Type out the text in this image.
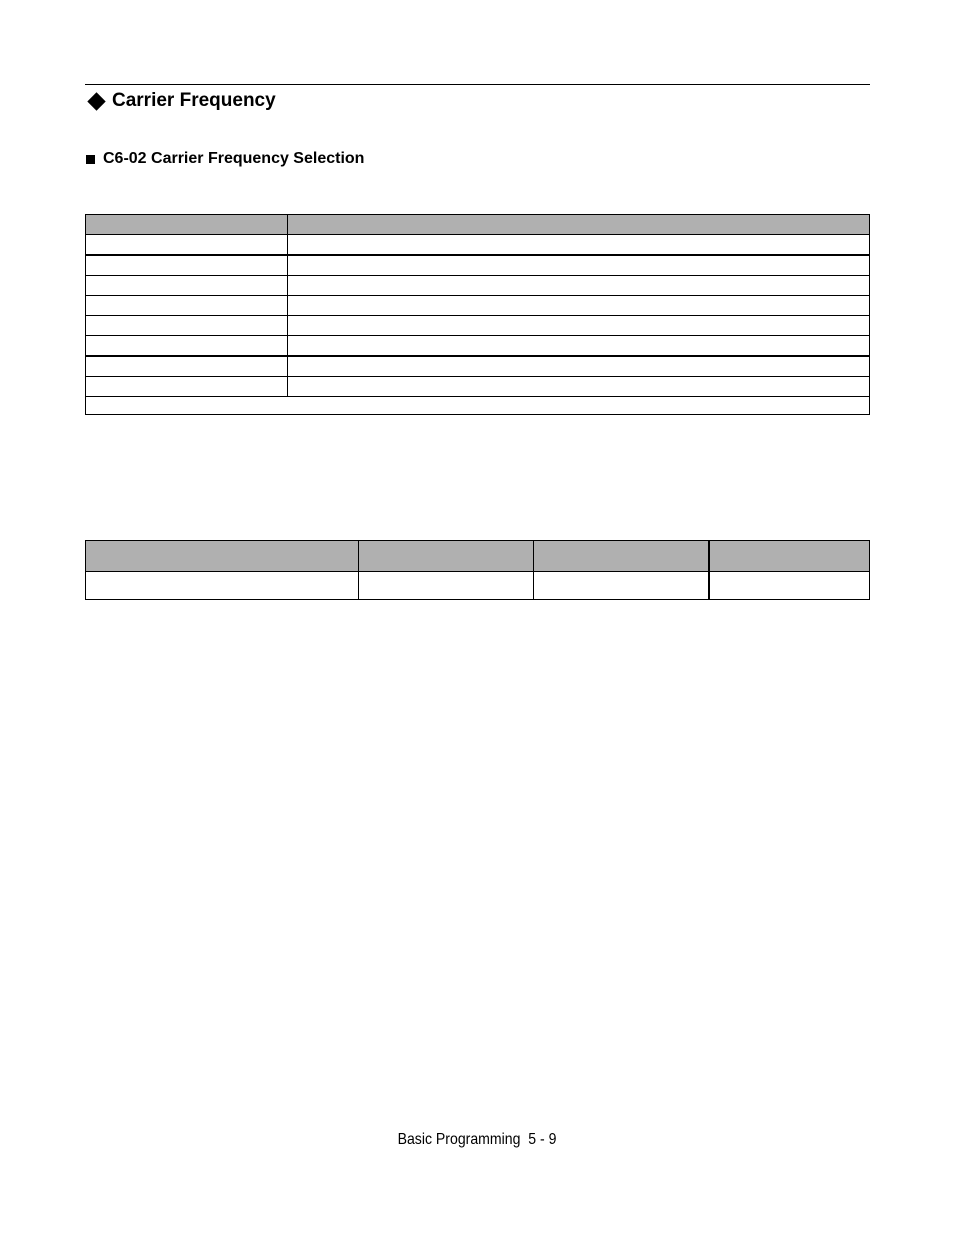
Carrier Frequency
C6-02 Carrier Frequency Selection

Basic Programming  5 - 9
